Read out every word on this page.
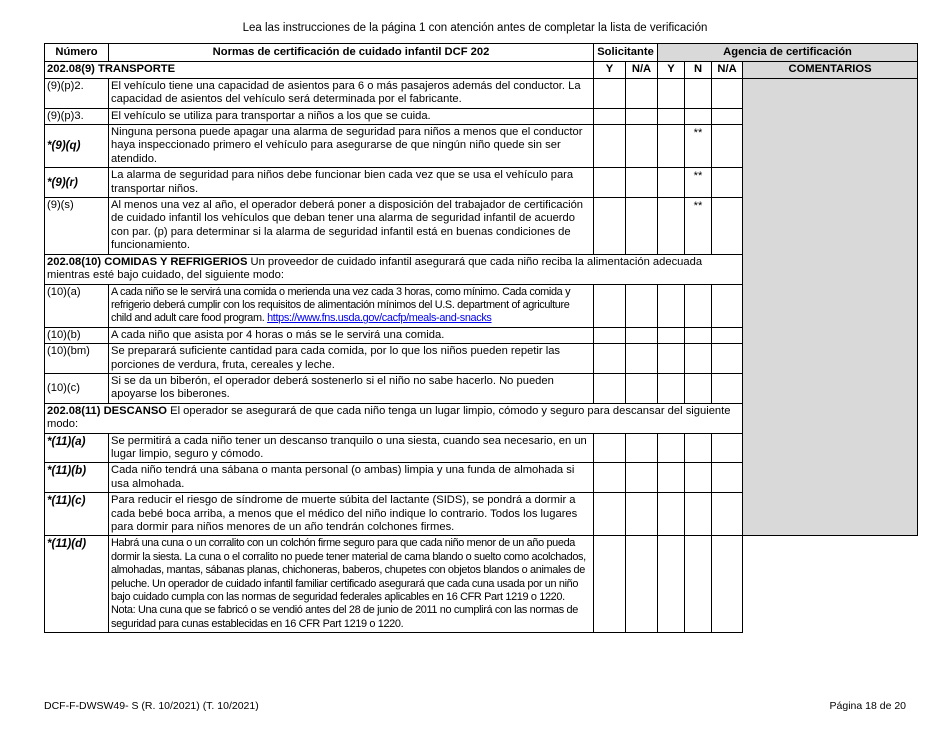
Lea las instrucciones de la página 1 con atención antes de completar la lista de verificación
Número	Normas de certificación de cuidado infantil DCF 202	Solicitante		Agencia de certificación			
202.08(9) TRANSPORTE		Y	N/A	Y	N	N/A	COMENTARIOS
(9)(p)2.	El vehículo tiene una capacidad de asientos para 6 o más pasajeros además del conductor. La capacidad de asientos del vehículo será determinada por el fabricante.						
(9)(p)3.	El vehículo se utiliza para transportar a niños a los que se cuida.						
*(9)(q)	Ninguna persona puede apagar una alarma de seguridad para niños a menos que el conductor haya inspeccionado primero el vehículo para asegurarse de que ningún niño quede sin ser atendido.				**		
*(9)(r)	La alarma de seguridad para niños debe funcionar bien cada vez que se usa el vehículo para transportar niños.				**		
(9)(s)	Al menos una vez al año, el operador deberá poner a disposición del trabajador de certificación de cuidado infantil los vehículos que deban tener una alarma de seguridad infantil de acuerdo con par. (p) para determinar si la alarma de seguridad infantil está en buenas condiciones de funcionamiento.				**		
202.08(10) COMIDAS Y REFRIGERIOS Un proveedor de cuidado infantil asegurará que cada niño reciba la alimentación adecuada mientras esté bajo cuidado, del siguiente modo:							
(10)(a)	A cada niño se le servirá una comida o merienda una vez cada 3 horas, como mínimo. Cada comida y refrigerio deberá cumplir con los requisitos de alimentación mínimos del U.S. department of agriculture child and adult care food program. https://www.fns.usda.gov/cacfp/meals-and-snacks						
(10)(b)	A cada niño que asista por 4 horas o más se le servirá una comida.						
(10)(bm)	Se preparará suficiente cantidad para cada comida, por lo que los niños pueden repetir las porciones de verdura, fruta, cereales y leche.						
(10)(c)	Si se da un biberón, el operador deberá sostenerlo si el niño no sabe hacerlo. No pueden apoyarse los biberones.						
202.08(11) DESCANSO El operador se asegurará de que cada niño tenga un lugar limpio, cómodo y seguro para descansar del siguiente modo:							
*(11)(a)	Se permitirá a cada niño tener un descanso tranquilo o una siesta, cuando sea necesario, en un lugar limpio, seguro y cómodo.						
*(11)(b)	Cada niño tendrá una sábana o manta personal (o ambas) limpia y una funda de almohada si usa almohada.						
*(11)(c)	Para reducir el riesgo de síndrome de muerte súbita del lactante (SIDS), se pondrá a dormir a cada bebé boca arriba, a menos que el médico del niño indique lo contrario. Todos los lugares para dormir para niños menores de un año tendrán colchones firmes.						
*(11)(d)	Habrá una cuna o un corralito con un colchón firme seguro para que cada niño menor de un año pueda dormir la siesta. La cuna o el corralito no puede tener material de cama blando o suelto como acolchados, almohadas, mantas, sábanas planas, chichoneras, baberos, chupetes con objetos blandos o animales de peluche. Un operador de cuidado infantil familiar certificado asegurará que cada cuna usada por un niño bajo cuidado cumpla con las normas de seguridad federales aplicables en 16 CFR Part 1219 o 1220. Nota: Una cuna que se fabricó o se vendió antes del 28 de junio de 2011 no cumplirá con las normas de seguridad para cunas establecidas en 16 CFR Part 1219 o 1220.						
DCF-F-DWSW49- S (R. 10/2021) (T. 10/2021)	Página 18 de 20
